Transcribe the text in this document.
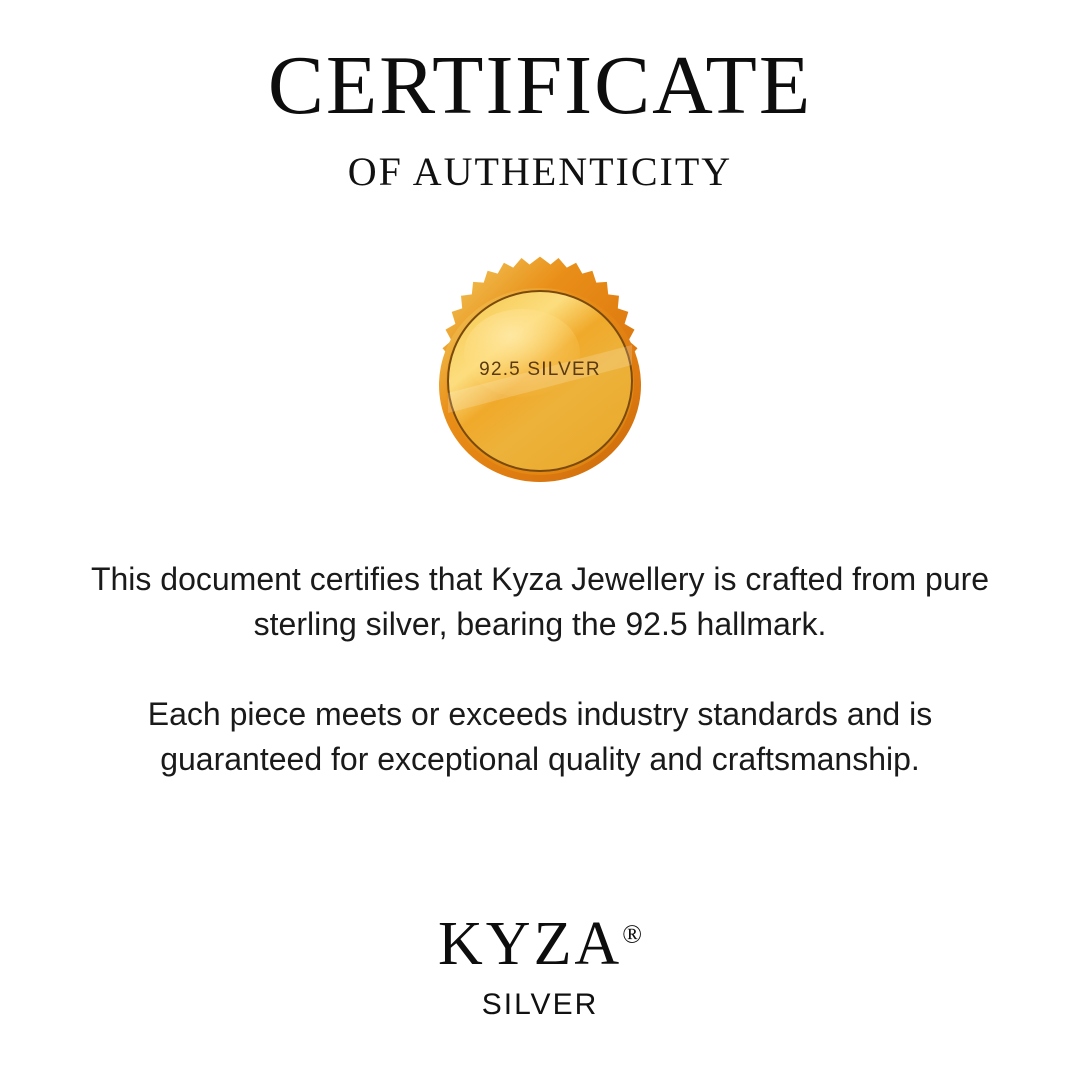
CERTIFICATE
OF AUTHENTICITY
92.5 SILVER

This document certifies that Kyza Jewellery is crafted from pure sterling silver, bearing the 92.5 hallmark.

Each piece meets or exceeds industry standards and is guaranteed for exceptional quality and craftsmanship.

KYZA®
SILVER
